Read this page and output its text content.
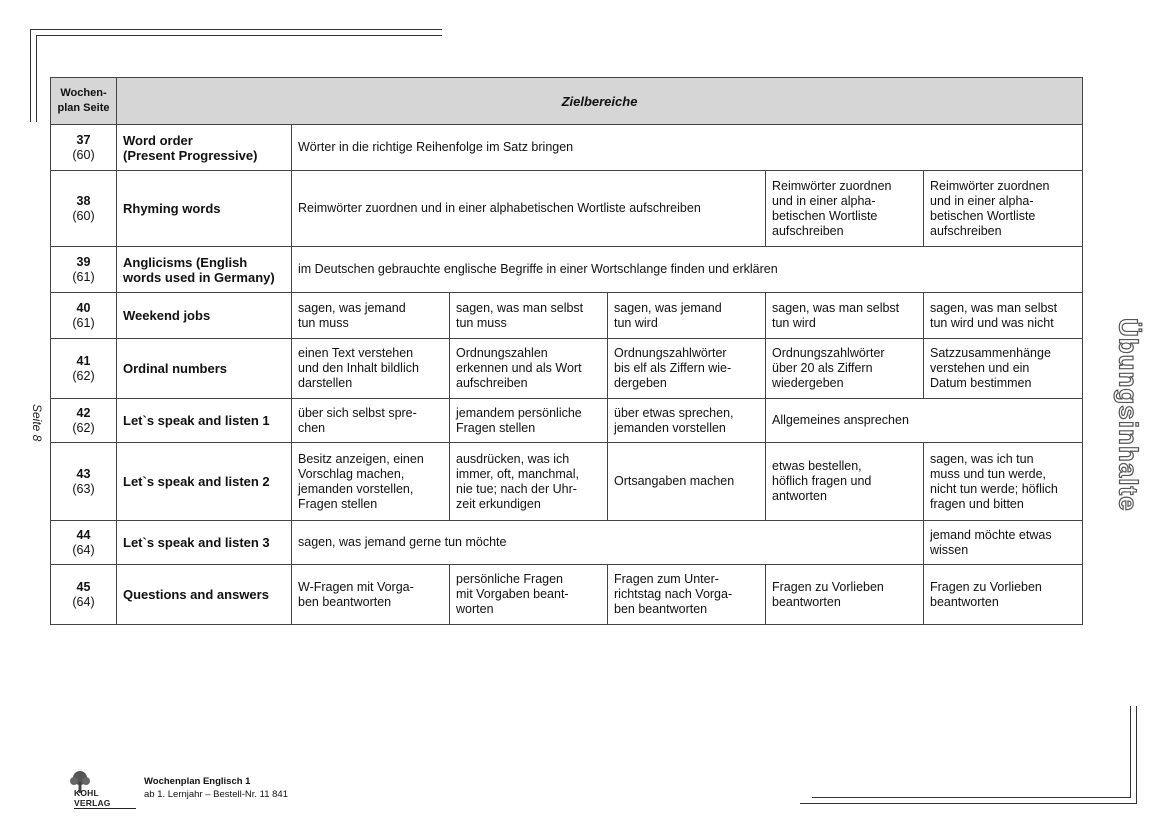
Seite 8	Übungsinhalte
Wochen-
plan Seite	Zielbereiche					

37
(60)	Word order
(Present Progressive)	Wörter in die richtige Reihenfolge im Satz bringen				

38
(60)	Rhyming words	Reimwörter zuordnen und in einer alphabetischen Wortliste aufschreiben			Reimwörter zuordnen
und in einer alpha-
betischen Wortliste
aufschreiben	Reimwörter zuordnen
und in einer alpha-
betischen Wortliste
aufschreiben

39
(61)	Anglicisms (English
words used in Germany)	im Deutschen gebrauchte englische Begriffe in einer Wortschlange finden und erklären				

40
(61)	Weekend jobs	sagen, was jemand
tun muss	sagen, was man selbst
tun muss	sagen, was jemand
tun wird	sagen, was man selbst
tun wird	sagen, was man selbst
tun wird und was nicht

41
(62)	Ordinal numbers	einen Text verstehen
und den Inhalt bildlich
darstellen	Ordnungszahlen
erkennen und als Wort
aufschreiben	Ordnungszahlwörter
bis elf als Ziffern wie-
dergeben	Ordnungszahlwörter
über 20 als Ziffern
wiedergeben	Satzzusammenhänge
verstehen und ein
Datum bestimmen

42
(62)	Let`s speak and listen 1	über sich selbst spre-
chen	jemandem persönliche
Fragen stellen	über etwas sprechen,
jemanden vorstellen	Allgemeines ansprechen	

43
(63)	Let`s speak and listen 2	Besitz anzeigen, einen
Vorschlag machen,
jemanden vorstellen,
Fragen stellen	ausdrücken, was ich
immer, oft, manchmal,
nie tue; nach der Uhr-
zeit erkundigen	Ortsangaben machen	etwas bestellen,
höflich fragen und
antworten	sagen, was ich tun
muss und tun werde,
nicht tun werde; höflich
fragen und bitten

44
(64)	Let`s speak and listen 3	sagen, was jemand gerne tun möchte				jemand möchte etwas
wissen

45
(64)	Questions and answers	W-Fragen mit Vorga-
ben beantworten	persönliche Fragen
mit Vorgaben beant-
worten	Fragen zum Unter-
richtstag nach Vorga-
ben beantworten	Fragen zu Vorlieben
beantworten	Fragen zu Vorlieben
beantworten
KOHL VERLAG
Wochenplan Englisch 1
ab 1. Lernjahr – Bestell-Nr. 11 841
